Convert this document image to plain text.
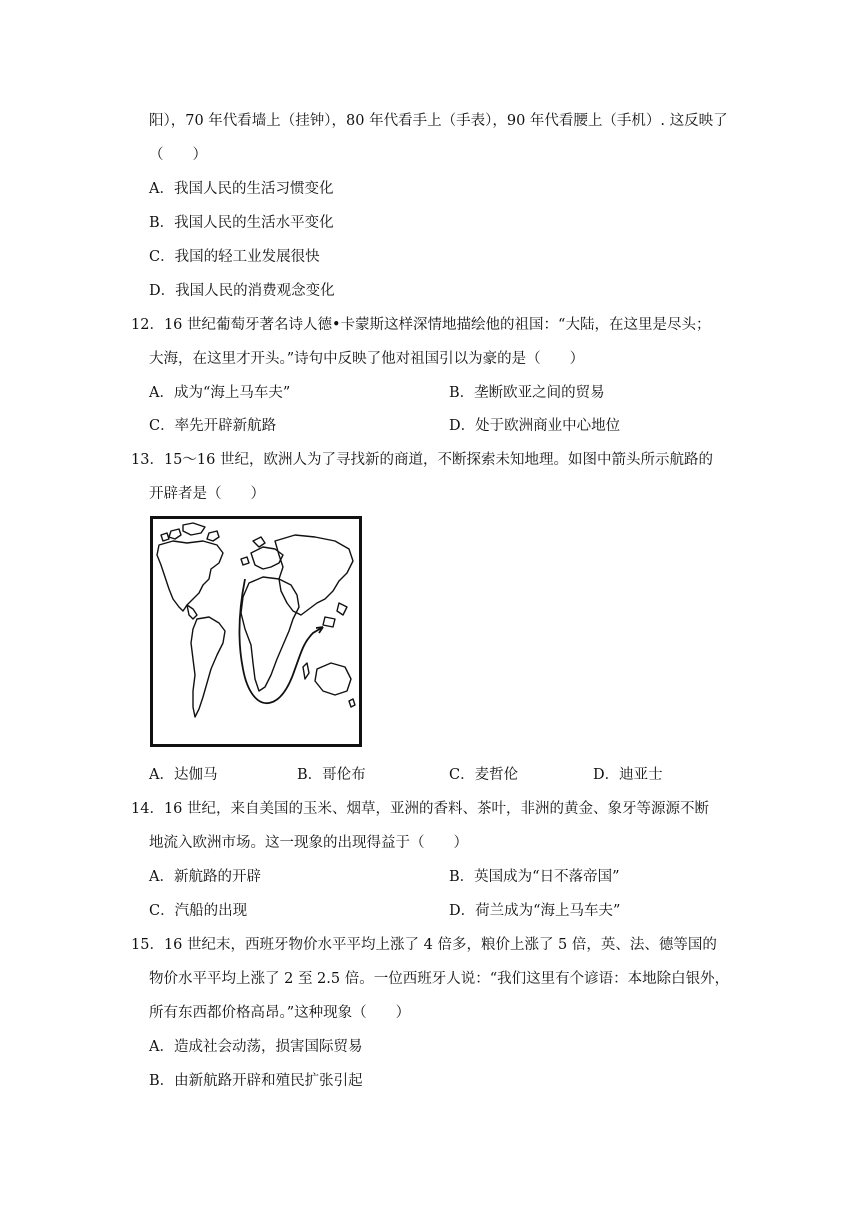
阳），70 年代看墙上（挂钟），80 年代看手上（手表），90 年代看腰上（手机）. 这反映了
（　　）
A．我国人民的生活习惯变化
B．我国人民的生活水平变化
C．我国的轻工业发展很快
D．我国人民的消费观念变化
12．16 世纪葡萄牙著名诗人德•卡蒙斯这样深情地描绘他的祖国：“大陆，在这里是尽头；
大海，在这里才开头。”诗句中反映了他对祖国引以为豪的是（　　）
A．成为“海上马车夫”	B．垄断欧亚之间的贸易
C．率先开辟新航路	D．处于欧洲商业中心地位
13．15～16 世纪，欧洲人为了寻找新的商道，不断探索未知地理。如图中箭头所示航路的
开辟者是（　　）
A．达伽马	B．哥伦布	C．麦哲伦	D．迪亚士
14．16 世纪，来自美国的玉米、烟草，亚洲的香料、茶叶，非洲的黄金、象牙等源源不断
地流入欧洲市场。这一现象的出现得益于（　　）
A．新航路的开辟	B．英国成为“日不落帝国”
C．汽船的出现	D．荷兰成为“海上马车夫”
15．16 世纪末，西班牙物价水平平均上涨了 4 倍多，粮价上涨了 5 倍，英、法、德等国的
物价水平平均上涨了 2 至 2.5 倍。一位西班牙人说：“我们这里有个谚语：本地除白银外，
所有东西都价格高昂。”这种现象（　　）
A．造成社会动荡，损害国际贸易
B．由新航路开辟和殖民扩张引起
